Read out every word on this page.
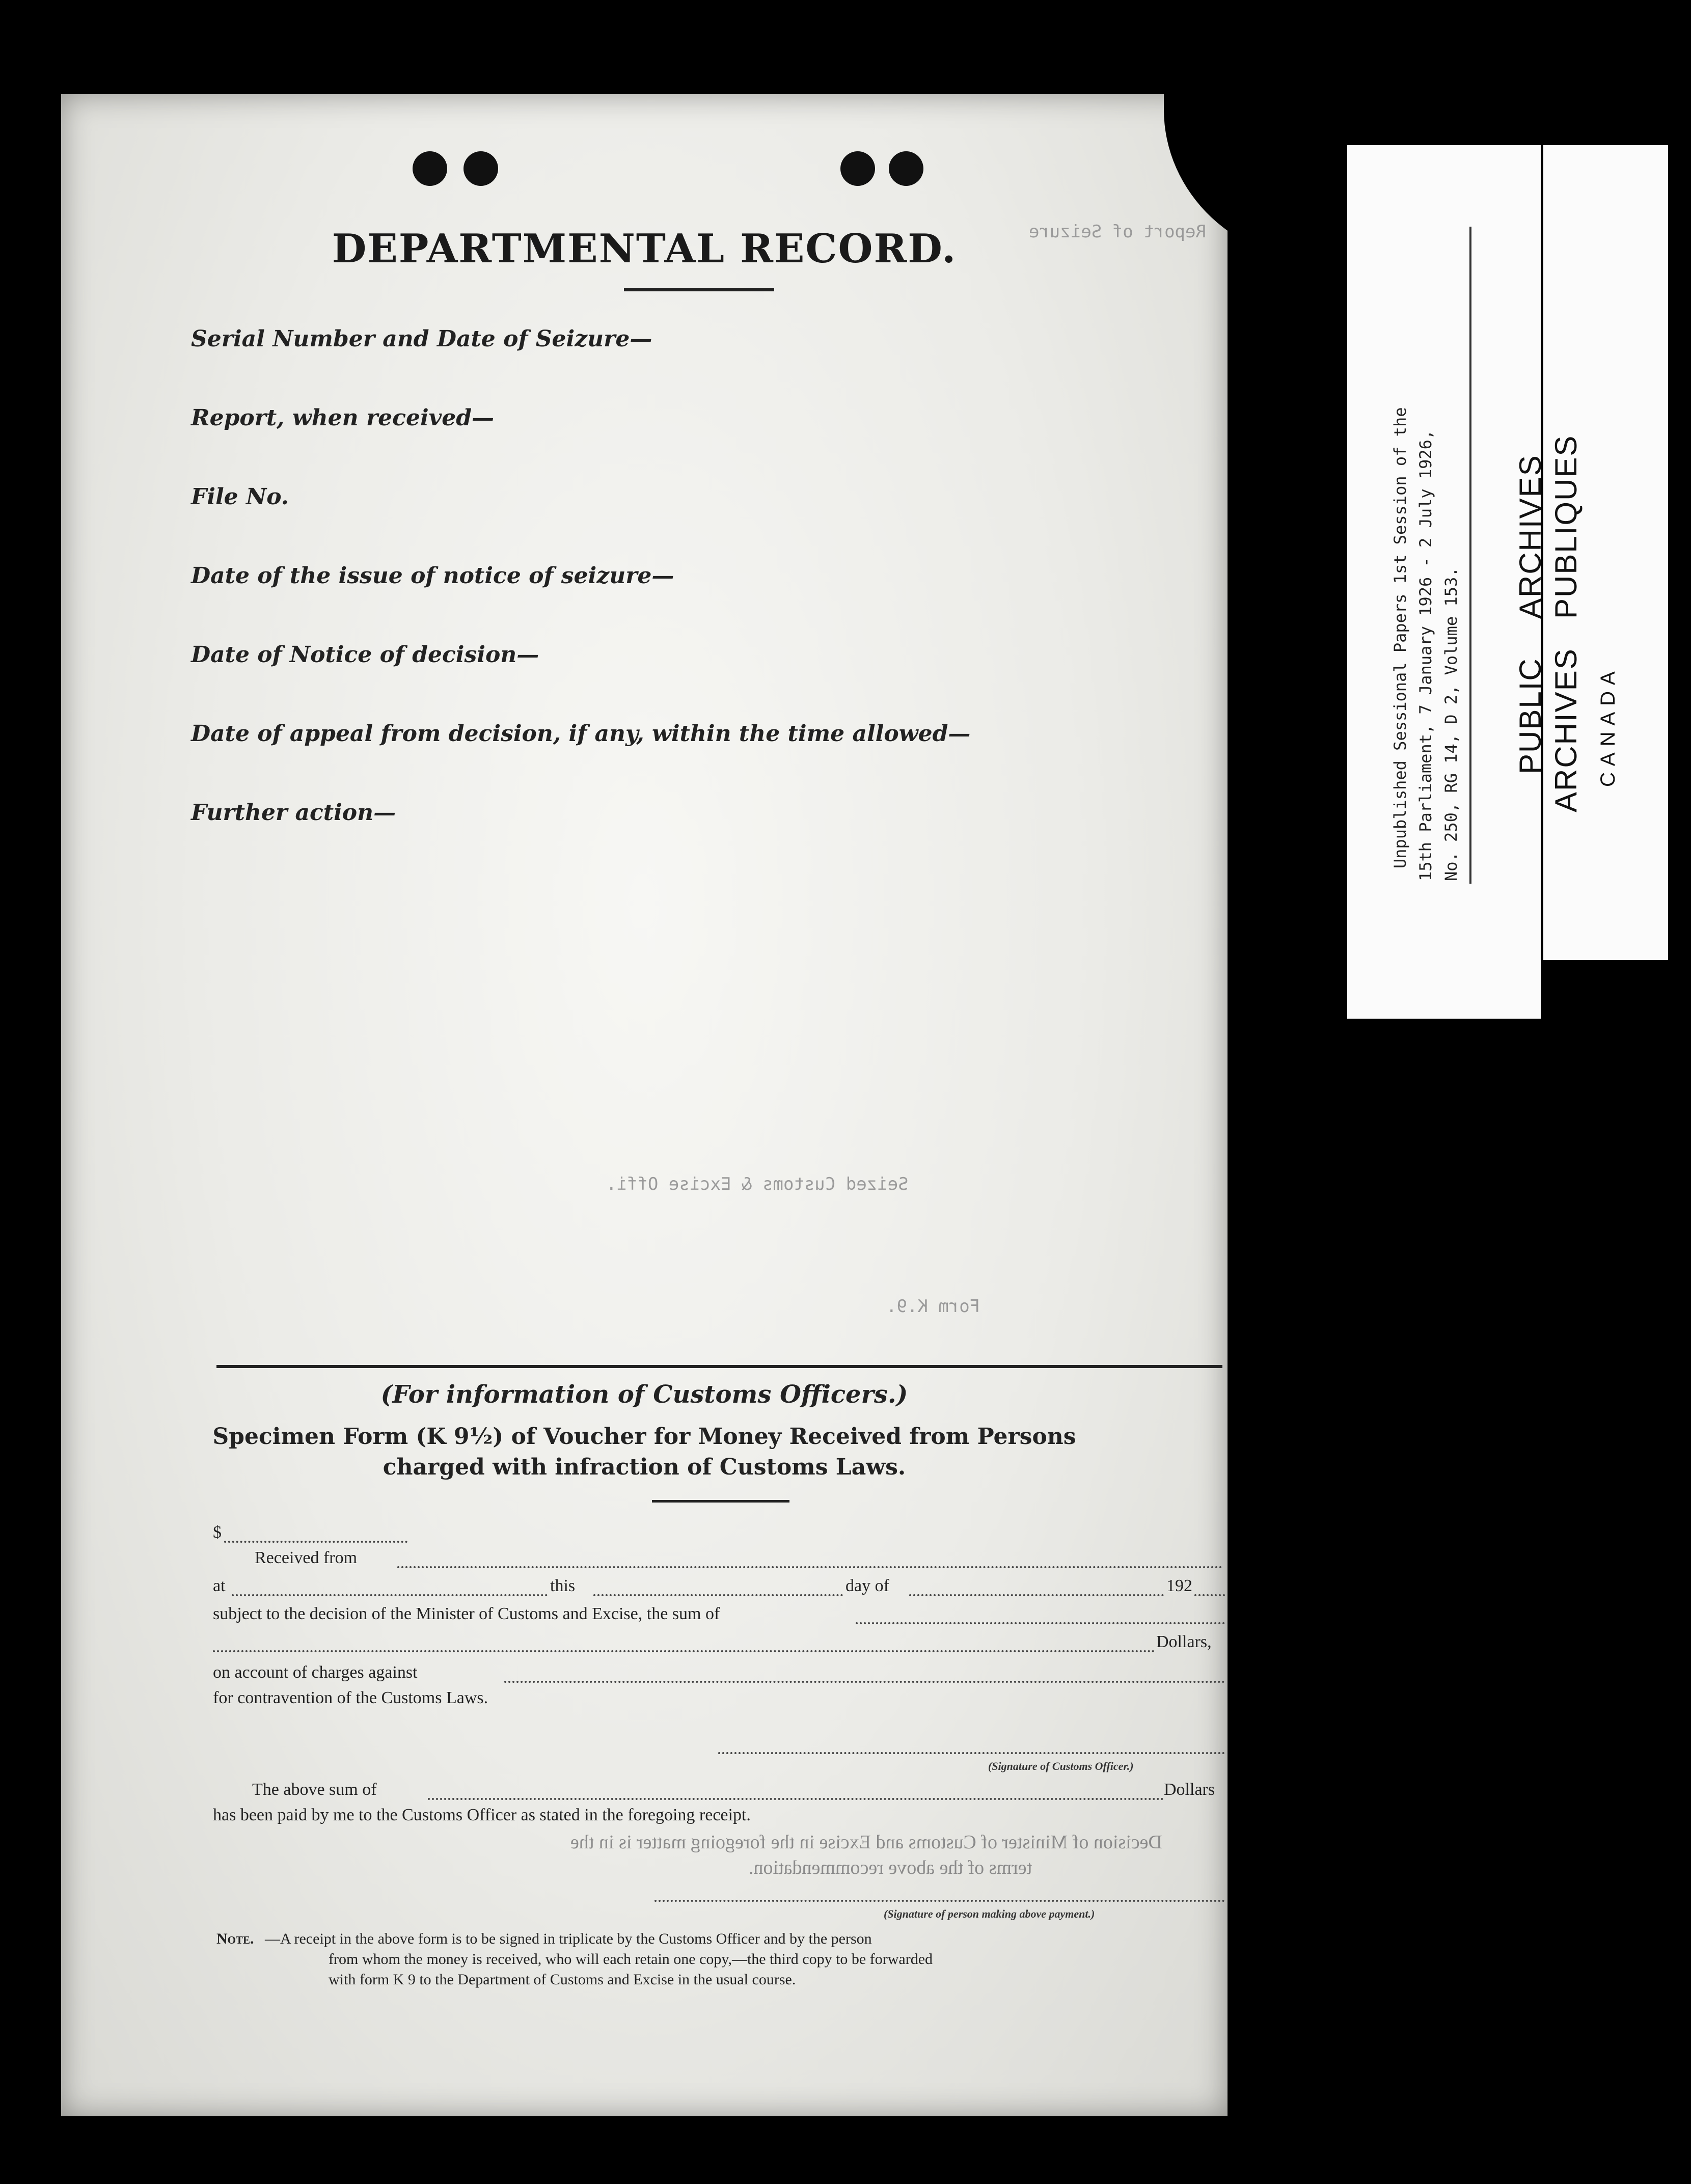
DEPARTMENTAL RECORD.	Report of Seizure
Serial Number and Date of Seizure—
Report, when received—
File No.
Date of the issue of notice of seizure—
Date of Notice of decision—
Date of appeal from decision, if any, within the time allowed—
Further action—
Seized Customs & Excise Offi.
Form K.9.
(For information of Customs Officers.)
Specimen Form (K 9½) of Voucher for Money Received from Persons
charged with infraction of Customs Laws.
$
Received from
at	this	day of	192
subject to the decision of the Minister of Customs and Excise, the sum of
Dollars,
on account of charges against
for contravention of the Customs Laws.
(Signature of Customs Officer.)
The above sum of	Dollars
has been paid by me to the Customs Officer as stated in the foregoing receipt.
Decision of Minister of Customs and Excise in the foregoing matter is in the
terms of the above recommendation.
(Signature of person making above payment.)
Note. —A receipt in the above form is to be signed in triplicate by the Customs Officer and by the person
from whom the money is received, who will each retain one copy,—the third copy to be forwarded
with form K 9 to the Department of Customs and Excise in the usual course.
Unpublished Sessional Papers 1st Session of the 15th Parliament, 7 January 1926 - 2 July 1926, No. 250, RG 14, D 2, Volume 153. PUBLIC
ARCHIVES
ARCHIVES
PUBLIQUES
CANADA
